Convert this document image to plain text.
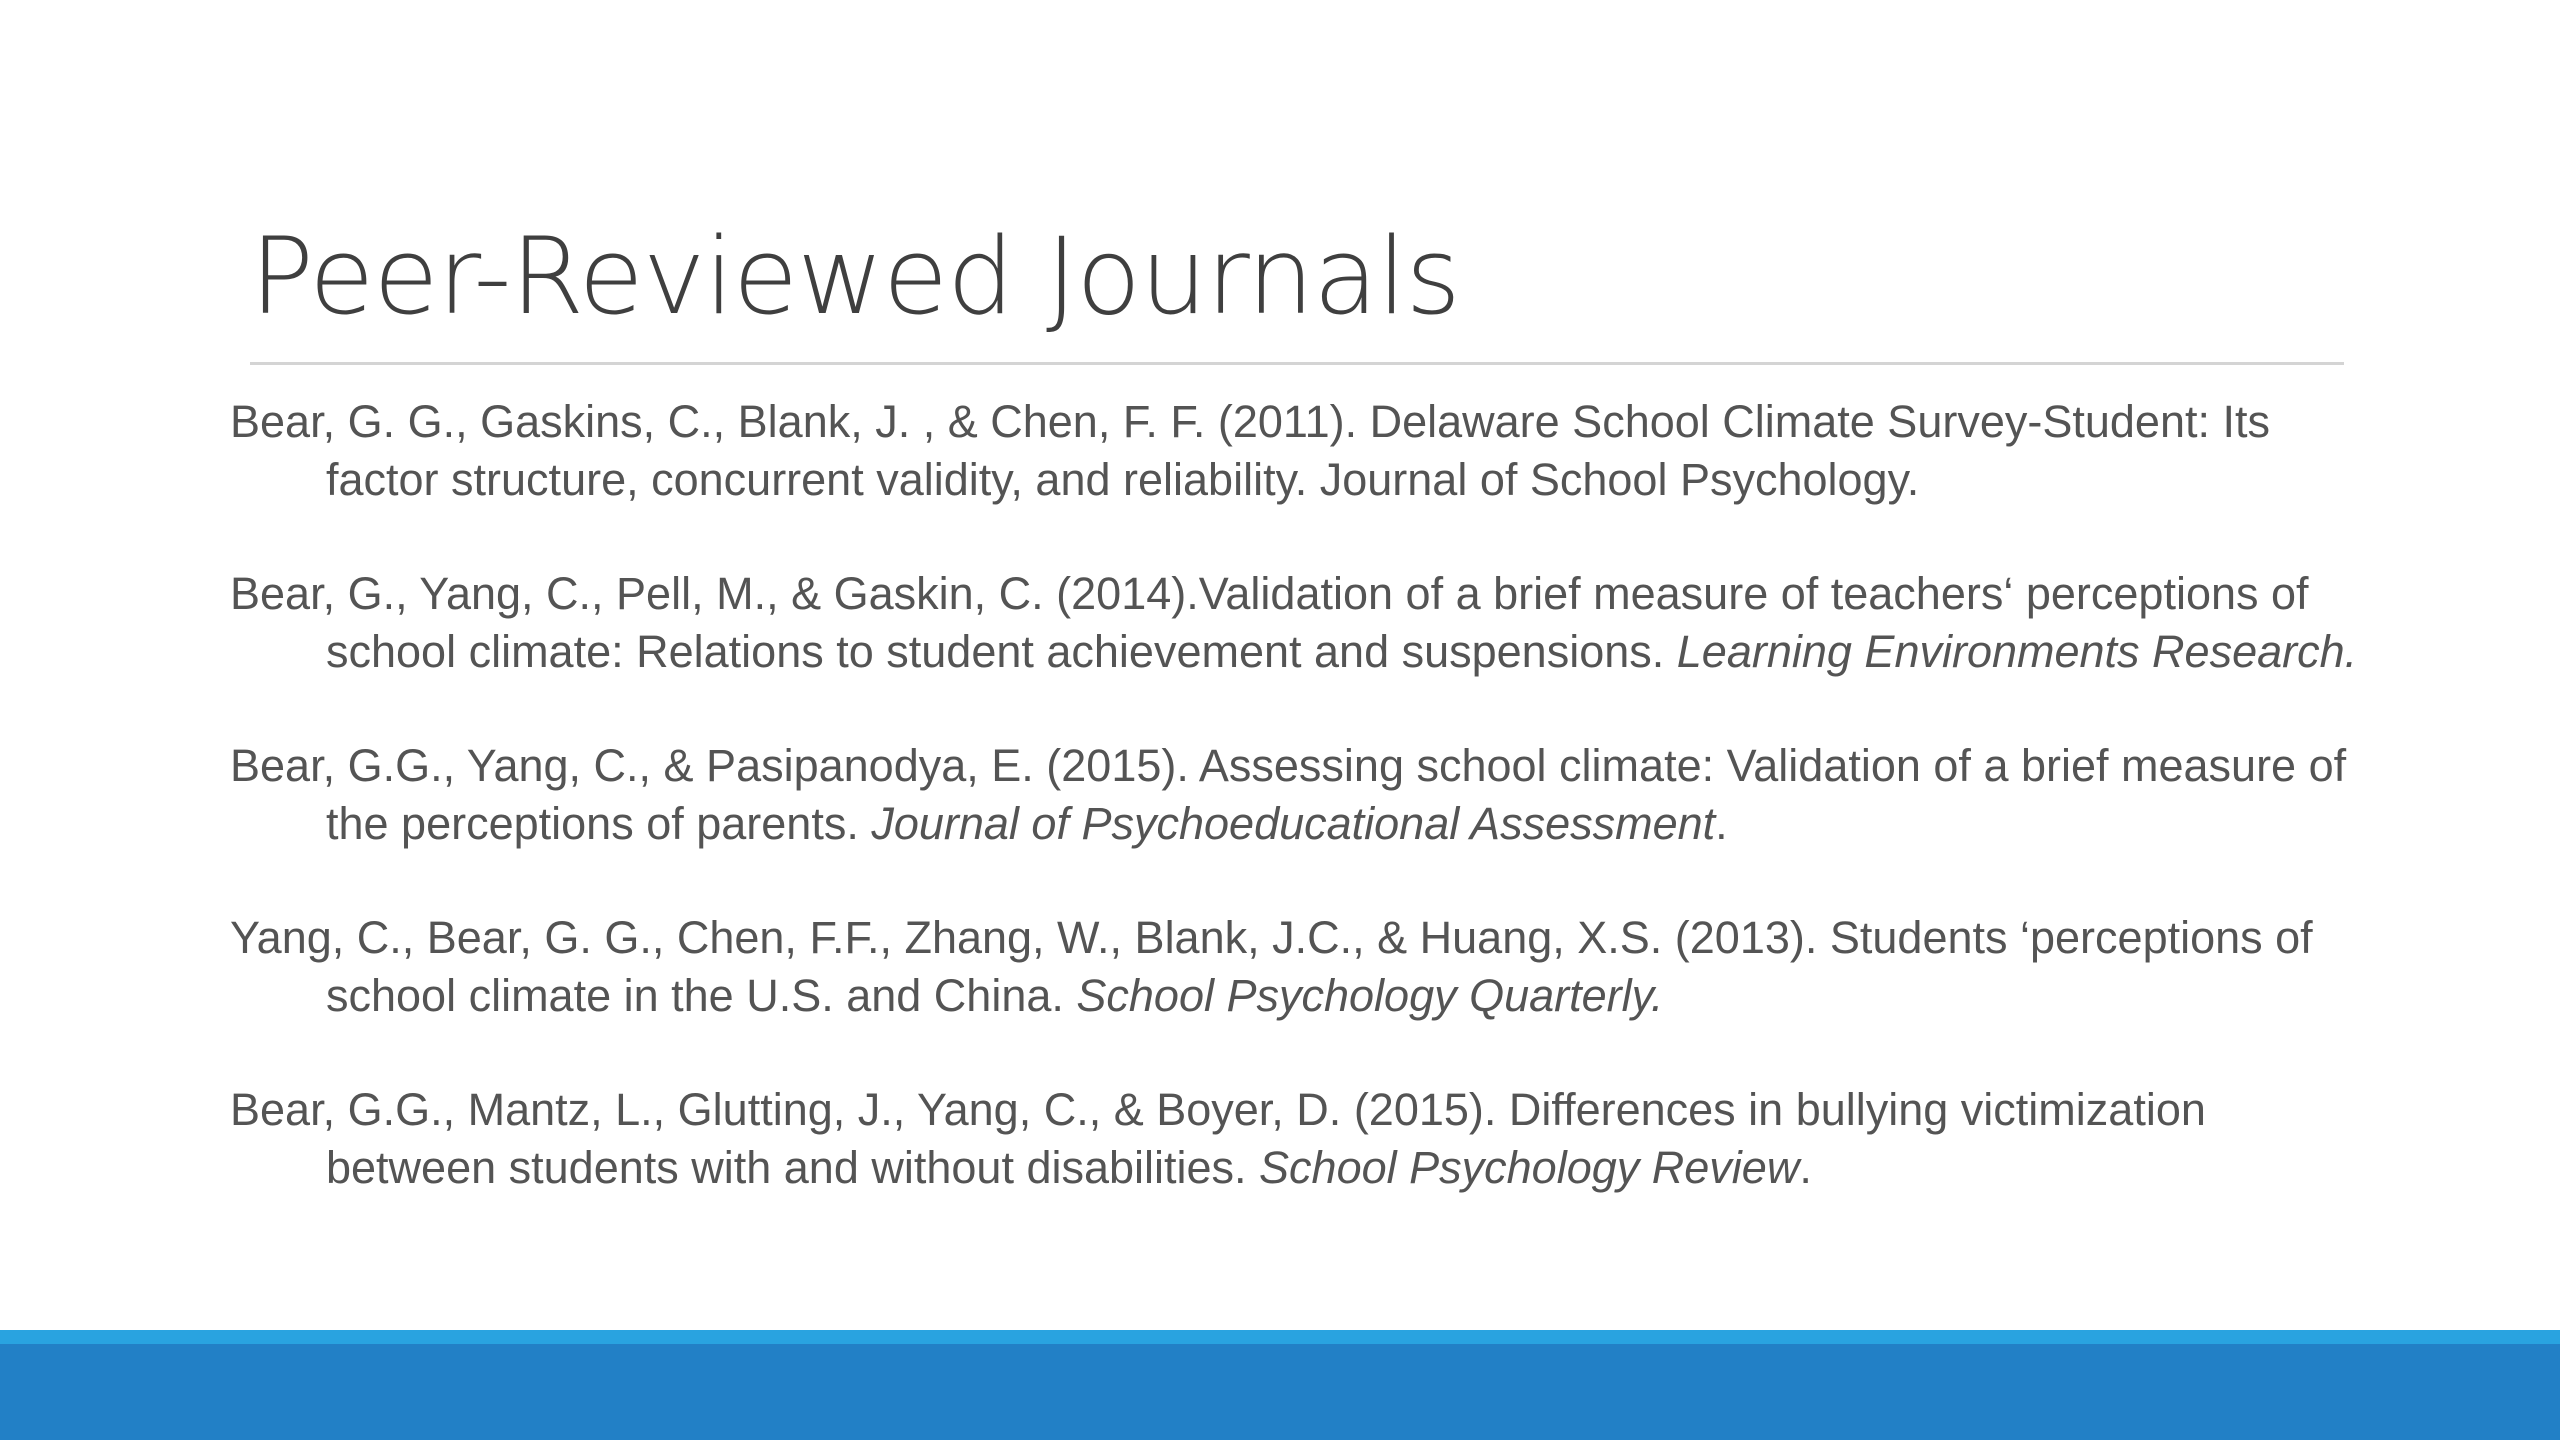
Peer-Reviewed Journals

Bear, G. G., Gaskins, C., Blank, J. , & Chen, F. F. (2011). Delaware School Climate Survey-Student: Its factor structure, concurrent validity, and reliability. Journal of School Psychology.

Bear, G., Yang, C., Pell, M., & Gaskin, C. (2014).Validation of a brief measure of teachers‘ perceptions of school climate: Relations to student achievement and suspensions. Learning Environments Research.

Bear, G.G., Yang, C., & Pasipanodya, E. (2015). Assessing school climate: Validation of a brief measure of the perceptions of parents. Journal of Psychoeducational Assessment.

Yang, C., Bear, G. G., Chen, F.F., Zhang, W., Blank, J.C., & Huang, X.S. (2013). Students ‘perceptions of school climate in the U.S. and China. School Psychology Quarterly.

Bear, G.G., Mantz, L., Glutting, J., Yang, C., & Boyer, D. (2015). Differences in bullying victimization between students with and without disabilities. School Psychology Review.
